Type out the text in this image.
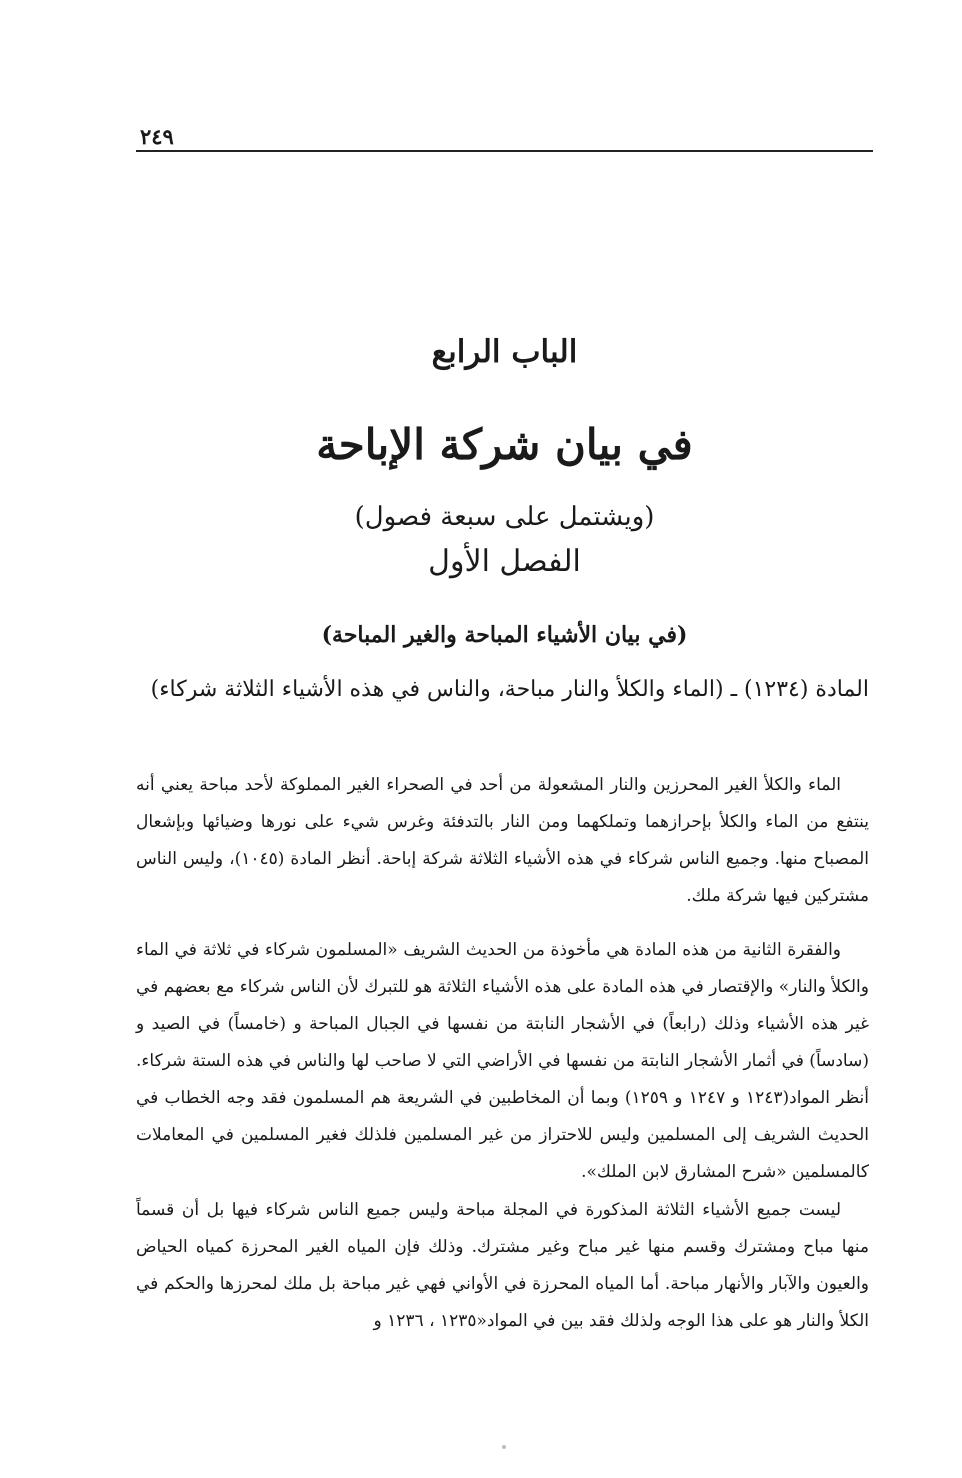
٢٤٩
الباب الرابع
في بيان شركة الإباحة
(ويشتمل على سبعة فصول)
الفصل الأول
(في بيان الأشياء المباحة والغير المباحة)
المادة (١٢٣٤) ـ (الماء والكلأ والنار مباحة، والناس في هذه الأشياء الثلاثة شركاء)

الماء والكلأ الغير المحرزين والنار المشعولة من أحد في الصحراء الغير المملوكة لأحد مباحة يعني أنه ينتفع من الماء والكلأ بإحرازهما وتملكهما ومن النار بالتدفئة وغرس شيء على نورها وضيائها وبإشعال المصباح منها. وجميع الناس شركاء في هذه الأشياء الثلاثة شركة إباحة. أنظر المادة (١٠٤٥)، وليس الناس مشتركين فيها شركة ملك.

والفقرة الثانية من هذه المادة هي مأخوذة من الحديث الشريف «المسلمون شركاء في ثلاثة في الماء والكلأ والنار» والإقتصار في هذه المادة على هذه الأشياء الثلاثة هو للتبرك لأن الناس شركاء مع بعضهم في غير هذه الأشياء وذلك (رابعاً) في الأشجار النابتة من نفسها في الجبال المباحة و (خامساً) في الصيد و (سادساً) في أثمار الأشجار النابتة من نفسها في الأراضي التي لا صاحب لها والناس في هذه الستة شركاء. أنظر المواد(١٢٤٣ و ١٢٤٧ و ١٢٥٩) وبما أن المخاطبين في الشريعة هم المسلمون فقد وجه الخطاب في الحديث الشريف إلى المسلمين وليس للاحتراز من غير المسلمين فلذلك فغير المسلمين في المعاملات كالمسلمين «شرح المشارق لابن الملك».

ليست جميع الأشياء الثلاثة المذكورة في المجلة مباحة وليس جميع الناس شركاء فيها بل أن قسماً منها مباح ومشترك وقسم منها غير مباح وغير مشترك. وذلك فإن المياه الغير المحرزة كمياه الحياض والعيون والآبار والأنهار مباحة. أما المياه المحرزة في الأواني فهي غير مباحة بل ملك لمحرزها والحكم في الكلأ والنار هو على هذا الوجه ولذلك فقد بين في المواد«١٢٣٥ ، ١٢٣٦ و
